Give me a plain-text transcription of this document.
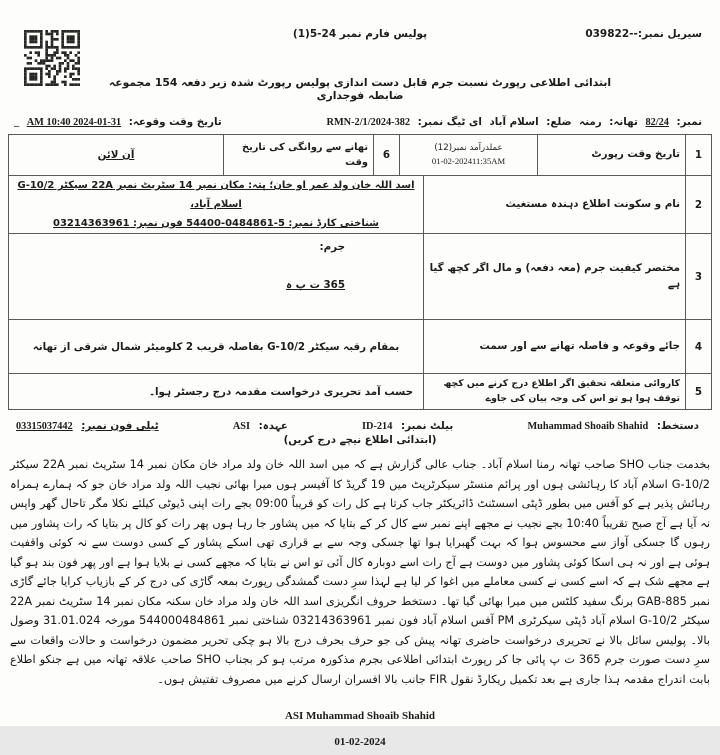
سیریل نمبر:--039822
پولیس فارم نمبر 24-5(1)
ابتدائی اطلاعی رپورٹ نسبت جرم قابل دست اندازی پولیس رپورٹ شدہ زیر دفعہ 154 مجموعہ ضابطہ فوجداری
نمبر: 82/24 تھانہ: رمنہ ضلع: اسلام آباد ای ٹیگ نمبر: RMN-2/1/2024-382
تاریخ وقت وقوعہ: 31-01-2024 10:40 AM _
1
تاریخ وقت رپورٹ
عملدرآمد نمبر(12)
01-02-202411:35AM
6
تھانے سے روانگی کی تاریخ وقت
آن لائن
2
نام و سکونت اطلاع دہندہ مستغیث
اسد اللہ خان ولد عمر او خان؛ پتہ: مکان نمبر 14 سٹریٹ نمبر 22A سیکٹر G-10/2 اسلام آباد،
شناختی کارڈ نمبر: 5-0484861-54400 فون نمبر: 03214363961
3
مختصر کیفیت جرم (معہ دفعہ) و مال اگر کچھ گیا ہے
جرم:
365 ت پ ہ
4
جائے وقوعہ و فاصلہ تھانے سے اور سمت
بمقام رقبہ سیکٹر G-10/2 بفاصلہ قریب 2 کلومیٹر شمال شرقی از تھانہ
5
کاروائی متعلقہ تحقیق اگر اطلاع درج کرنے میں کچھ توقف ہوا ہو تو اس کی وجہ بیان کی جاوے
حسب آمد تحریری درخواست مقدمہ درج رجسٹر ہوا۔
دستخط: Muhammad Shoaib Shahid
بیلٹ نمبر: 214-ID
عہدہ: ASI
ٹیلی فون نمبر: 03315037442
(ابتدائی اطلاع نیچے درج کریں)
بخدمت جناب SHO صاحب تھانہ رمنا اسلام آباد۔ جناب عالی گزارش ہے کہ میں اسد اللہ خان ولد مراد خان مکان نمبر 14 سٹریٹ نمبر 22A سیکٹر G-10/2 اسلام آباد کا رہائشی ہوں اور پرائم منسٹر سیکرٹریٹ میں 19 گریڈ کا آفیسر ہوں میرا بھائی نجیب اللہ ولد مراد خان جو کہ ہمارے ہمراہ رہائش پذیر ہے کو آفس میں بطور ڈپٹی اسسٹنٹ ڈائریکٹر جاب کرتا ہے کل رات کو قریباً 09:00 بجے رات اپنی ڈیوٹی کیلئے نکلا مگر تاحال گھر واپس نہ آیا ہے آج صبح تقریباً 10:40 بجے نجیب نے مجھے اپنے نمبر سے کال کر کے بتایا کہ میں پشاور جا رہا ہوں پھر رات کو کال پر بتایا کہ رات پشاور میں رہوں گا جسکی آواز سے محسوس ہوا کہ بہت گھبرایا ہوا تھا جسکی وجہ سے بے قراری تھی اسکے پشاور کے کسی دوست سے نہ کوئی واقفیت ہوئی ہے اور نہ ہی اسکا کوئی پشاور میں دوست ہے آج رات اسے دوبارہ کال آئی تو اس نے بتایا کہ مجھے کسی نے بلایا ہوا ہے اور پھر فون بند ہو گیا ہے مجھے شک ہے کہ اسے کسی نے کسی معاملے میں اغوا کر لیا ہے لہذا سرِ دست گمشدگی رپورٹ بمعہ گاڑی کی درج کر کے بازیاب کرایا جائے گاڑی نمبر GAB-885 برنگ سفید کلٹس میں میرا بھائی گیا تھا۔ دستخط حروف انگریزی اسد اللہ خان ولد مراد خان سکنہ مکان نمبر 14 سٹریٹ نمبر 22A سیکٹر G-10/2 اسلام آباد ڈپٹی سیکرٹری PM آفس اسلام آباد فون نمبر 03214363961 شناختی نمبر 544000484861 مورخہ 31.01.024 وصول بالا۔ پولیس سائل بالا نے تحریری درخواست حاضری تھانہ پیش کی جو حرف بحرف درج بالا ہو چکی تحریر مضمون درخواست و حالات واقعات سے سرِ دست صورت جرم 365 ت پ پائی جا کر رپورٹ ابتدائی اطلاعی بجرم مذکورہ مرتب ہو کر بجناب SHO صاحب علاقہ تھانہ میں ہے جنکو اطلاع بابت اندراج مقدمہ ہذا جاری ہے بعد تکمیل ریکارڈ نقول FIR جانب بالا افسران ارسال کرنے میں مصروف تفتیش ہوں۔
ASI Muhammad Shoaib Shahid
01-02-2024
